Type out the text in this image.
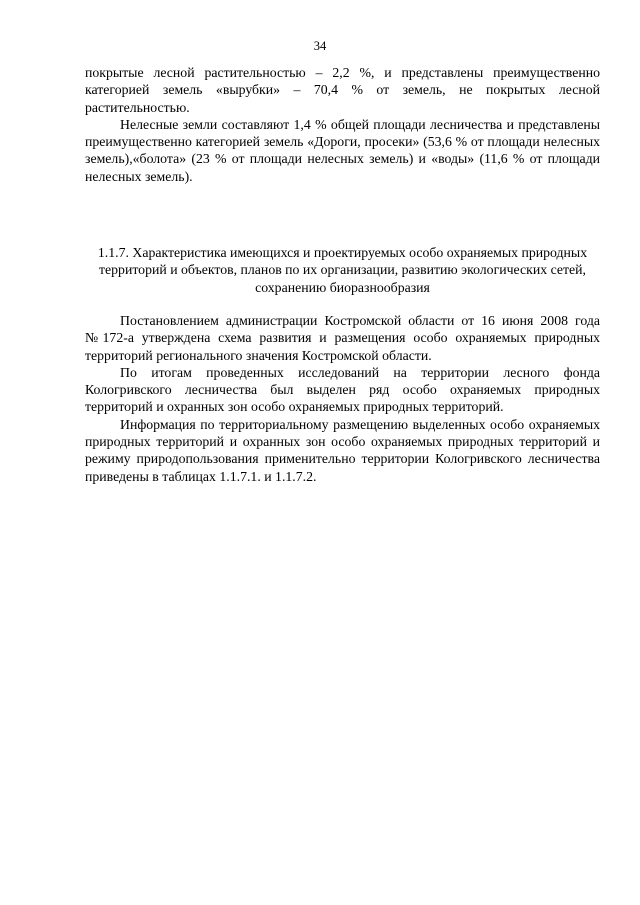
34

покрытые лесной растительностью – 2,2 %, и представлены преимущественно категорией земель «вырубки» – 70,4 % от земель, не покрытых лесной растительностью.

Нелесные земли составляют 1,4 % общей площади лесничества и представлены преимущественно категорией земель «Дороги, просеки» (53,6 % от площади нелесных земель),«болота» (23 % от площади нелесных земель) и «воды» (11,6 % от площади нелесных земель).

1.1.7. Характеристика имеющихся и проектируемых особо охраняемых природных территорий и объектов, планов по их организации, развитию экологических сетей, сохранению биоразнообразия

Постановлением администрации Костромской области от 16 июня 2008 года №172-а утверждена схема развития и размещения особо охраняемых природных территорий регионального значения Костромской области.

По итогам проведенных исследований на территории лесного фонда Кологривского лесничества был выделен ряд особо охраняемых природных территорий и охранных зон особо охраняемых природных территорий.

Информация по территориальному размещению выделенных особо охраняемых природных территорий и охранных зон особо охраняемых природных территорий и режиму природопользования применительно территории Кологривского лесничества приведены в таблицах 1.1.7.1. и 1.1.7.2.
